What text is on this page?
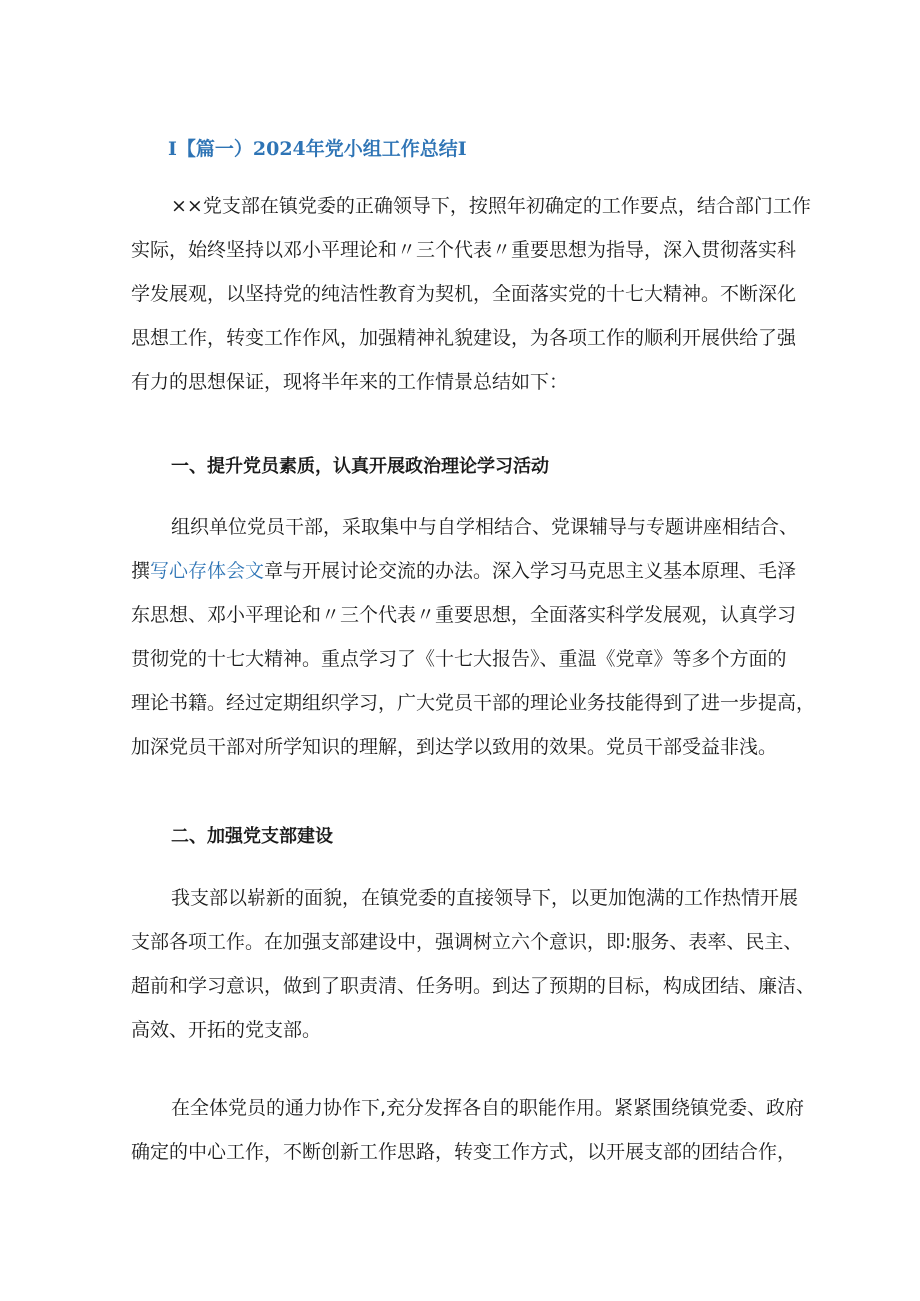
I【篇一）2024年党小组工作总结I
××党支部在镇党委的正确领导下，按照年初确定的工作要点，结合部门工作
实际，始终坚持以邓小平理论和〃三个代表〃重要思想为指导，深入贯彻落实科
学发展观，以坚持党的纯洁性教育为契机，全面落实党的十七大精神。不断深化
思想工作，转变工作作风，加强精神礼貌建设，为各项工作的顺利开展供给了强
有力的思想保证，现将半年来的工作情景总结如下：
一、提升党员素质，认真开展政治理论学习活动
组织单位党员干部，采取集中与自学相结合、党课辅导与专题讲座相结合、
撰写心存体会文章与开展讨论交流的办法。深入学习马克思主义基本原理、毛泽
东思想、邓小平理论和〃三个代表〃重要思想，全面落实科学发展观，认真学习
贯彻党的十七大精神。重点学习了《十七大报告》、重温《党章》等多个方面的
理论书籍。经过定期组织学习，广大党员干部的理论业务技能得到了进一步提高，
加深党员干部对所学知识的理解，到达学以致用的效果。党员干部受益非浅。
二、加强党支部建设
我支部以崭新的面貌，在镇党委的直接领导下，以更加饱满的工作热情开展
支部各项工作。在加强支部建设中，强调树立六个意识，即:服务、表率、民主、
超前和学习意识，做到了职责清、任务明。到达了预期的目标，构成团结、廉洁、
高效、开拓的党支部。
在全体党员的通力协作下,充分发挥各自的职能作用。紧紧围绕镇党委、政府
确定的中心工作，不断创新工作思路，转变工作方式，以开展支部的团结合作，
